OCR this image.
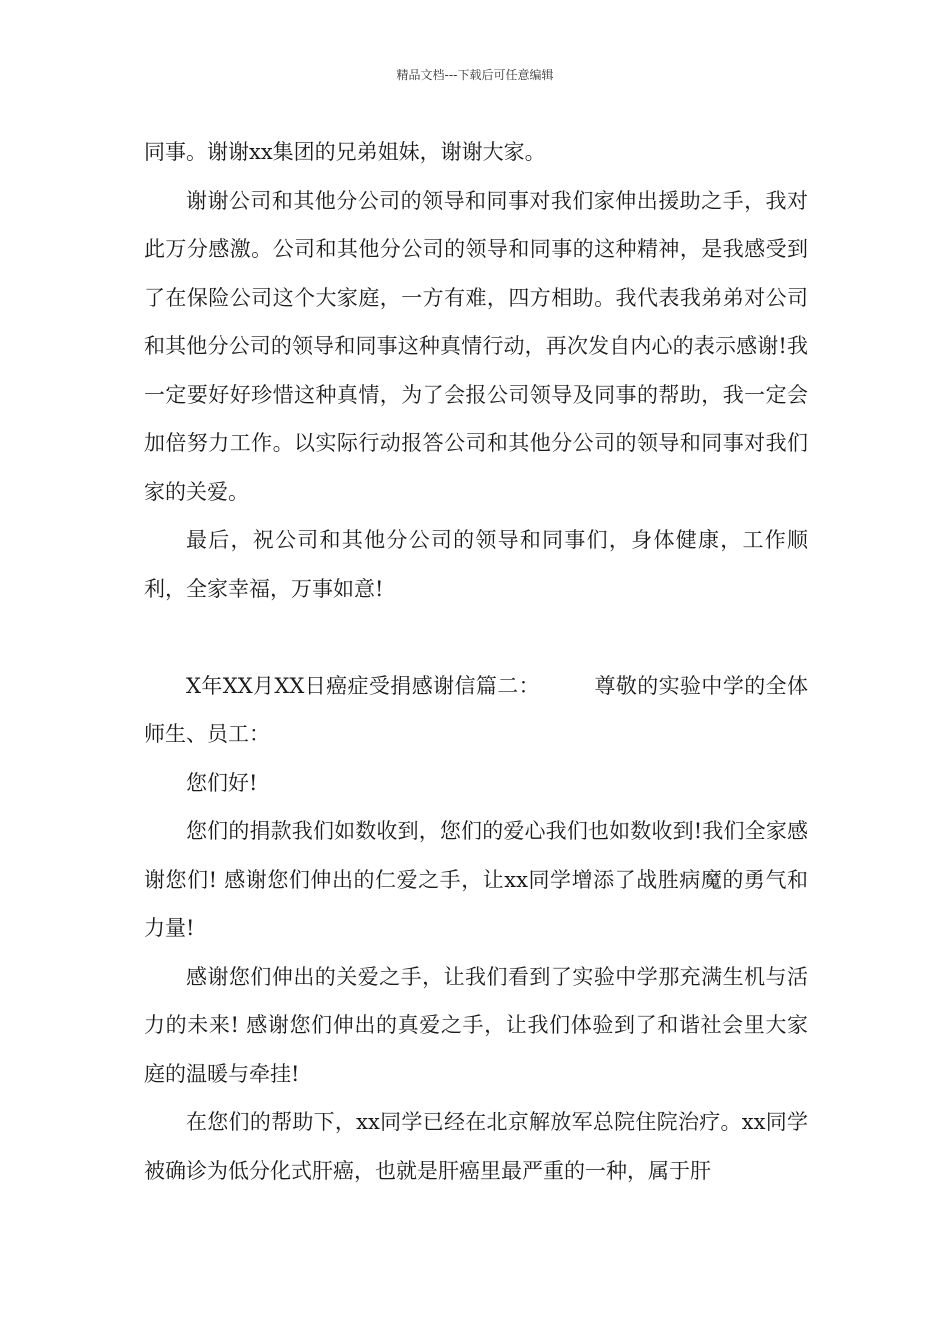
精品文档---下载后可任意编辑

同事。谢谢xx集团的兄弟姐妹，谢谢大家。

谢谢公司和其他分公司的领导和同事对我们家伸出援助之手，我对此万分感激。公司和其他分公司的领导和同事的这种精神，是我感受到了在保险公司这个大家庭，一方有难，四方相助。我代表我弟弟对公司和其他分公司的领导和同事这种真情行动，再次发自内心的表示感谢!我一定要好好珍惜这种真情，为了会报公司领导及同事的帮助，我一定会加倍努力工作。以实际行动报答公司和其他分公司的领导和同事对我们家的关爱。

最后，祝公司和其他分公司的领导和同事们，身体健康，工作顺利，全家幸福，万事如意!

X年XX月XX日癌症受捐感谢信篇二：	尊敬的实验中学的全体师生、员工：

您们好!

您们的捐款我们如数收到，您们的爱心我们也如数收到!我们全家感谢您们! 感谢您们伸出的仁爱之手，让xx同学增添了战胜病魔的勇气和力量!

感谢您们伸出的关爱之手，让我们看到了实验中学那充满生机与活力的未来! 感谢您们伸出的真爱之手，让我们体验到了和谐社会里大家庭的温暖与牵挂!

在您们的帮助下，xx同学已经在北京解放军总院住院治疗。xx同学被确诊为低分化式肝癌，也就是肝癌里最严重的一种，属于肝
